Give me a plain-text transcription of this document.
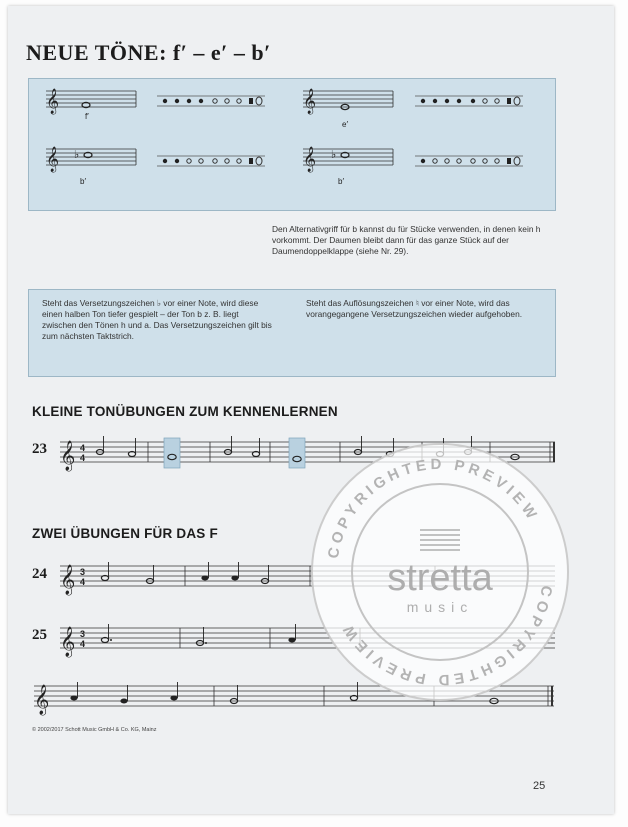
NEUE TÖNE: f′ – e′ – b′
𝄞
f′
𝄞
e′
𝄞 ♭
b′
𝄞 ♭
b′
Den Alternativgriff für b kannst du für Stücke verwenden, in denen kein h vorkommt. Der Daumen bleibt dann für das ganze Stück auf der Daumendoppelklappe (siehe Nr. 29).
Steht das Versetzungszeichen ♭ vor einer Note, wird diese einen halben Ton tiefer gespielt – der Ton b z. B. liegt zwischen den Tönen h und a. Das Versetzungszeichen gilt bis zum nächsten Taktstrich.
Steht das Auflösungszeichen ♮ vor einer Note, wird das vorangegangene Versetzungszeichen wieder aufgehoben.
KLEINE TONÜBUNGEN ZUM KENNENLERNEN
23 𝄞 4
4
ZWEI ÜBUNGEN FÜR DAS F
24 𝄞 3
4
25 𝄞 3
4
𝄞
© 2002/2017 Schott Music GmbH & Co. KG, Mainz
25
COPYRIGHTED PREVIEW
COPYRIGHTED PREVIEW
stretta
music
